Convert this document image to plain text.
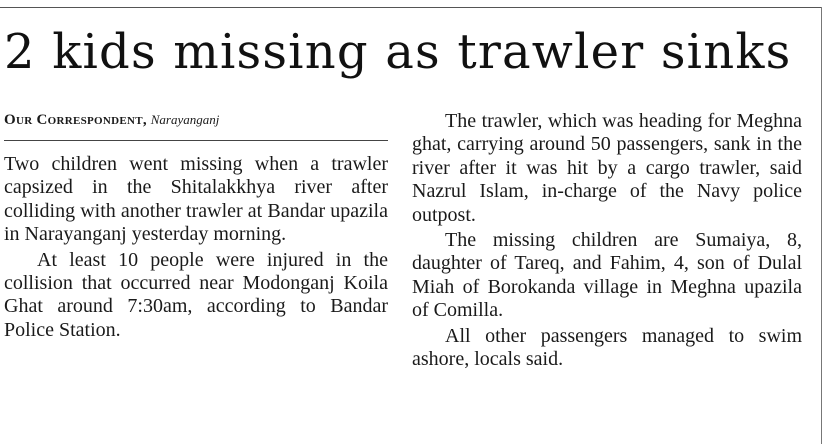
2 kids missing as trawler sinks
Our Correspondent, Narayanganj

Two children went missing when a trawler capsized in the Shitalakkhya river after colliding with another trawler at Bandar upazila in Narayanganj yesterday morning.

At least 10 people were injured in the collision that occurred near Modonganj Koila Ghat around 7:30am, according to Bandar Police Station.

The trawler, which was heading for Meghna ghat, carrying around 50 passengers, sank in the river after it was hit by a cargo trawler, said Nazrul Islam, in-charge of the Navy police outpost.

The missing children are Sumaiya, 8, daughter of Tareq, and Fahim, 4, son of Dulal Miah of Borokanda village in Meghna upazila of Comilla.

All other passengers managed to swim ashore, locals said.
